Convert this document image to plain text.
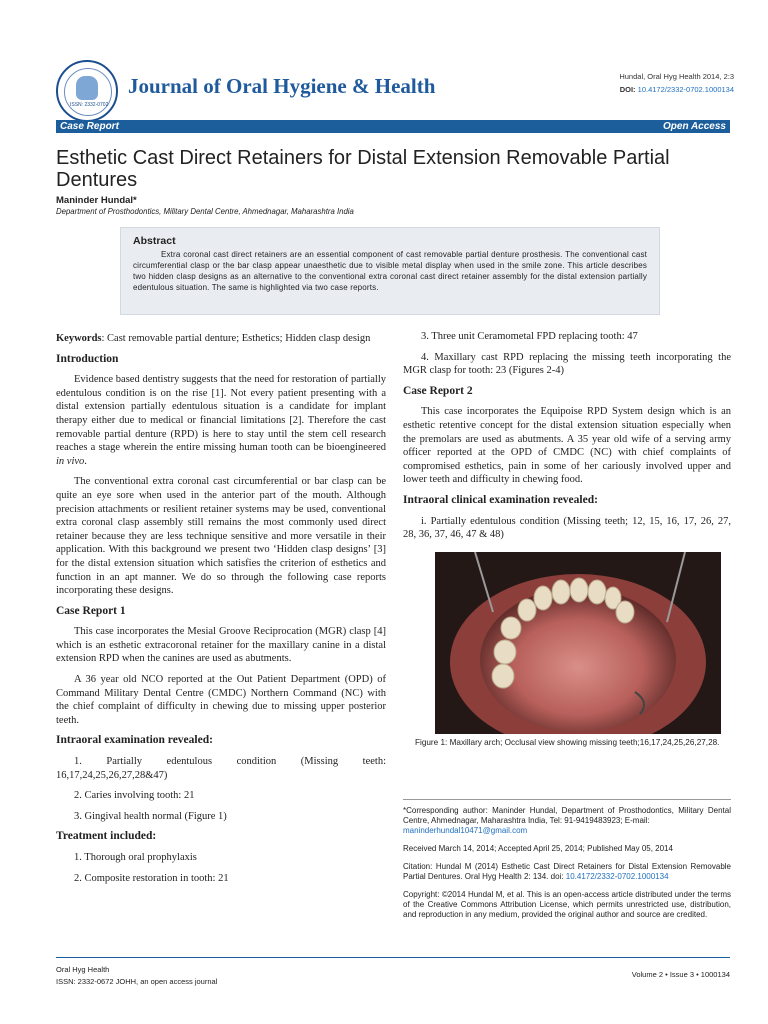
ISSN: 2332-0702
Journal of Oral Hygiene & Health	Hundal, Oral Hyg Health 2014, 2:3
DOI: 10.4172/2332-0702.1000134
Case Report	Open Access
Esthetic Cast Direct Retainers for Distal Extension Removable Partial Dentures
Maninder Hundal*
Department of Prosthodontics, Military Dental Centre, Ahmednagar, Maharashtra India
Abstract
Extra coronal cast direct retainers are an essential component of cast removable partial denture prosthesis. The conventional cast circumferential clasp or the bar clasp appear unaesthetic due to visible metal display when used in the smile zone. This article describes two hidden clasp designs as an alternative to the conventional extra coronal cast direct retainer assembly for the distal extension partially edentulous situation. The same is highlighted via two case reports.

Keywords: Cast removable partial denture; Esthetics; Hidden clasp design

Introduction

Evidence based dentistry suggests that the need for restoration of partially edentulous condition is on the rise [1]. Not every patient presenting with a distal extension partially edentulous situation is a candidate for implant therapy either due to medical or financial limitations [2]. Therefore the cast removable partial denture (RPD) is here to stay until the stem cell research reaches a stage wherein the entire missing human tooth can be bioengineered in vivo.

The conventional extra coronal cast circumferential or bar clasp can be quite an eye sore when used in the anterior part of the mouth. Although precision attachments or resilient retainer systems may be used, conventional extra coronal clasp assembly still remains the most commonly used direct retainer because they are less technique sensitive and more versatile in their application. With this background we present two ‘Hidden clasp designs’ [3] for the distal extension situation which satisfies the criterion of esthetics and function in an apt manner. We do so through the following case reports incorporating these designs.

Case Report 1

This case incorporates the Mesial Groove Reciprocation (MGR) clasp [4] which is an esthetic extracoronal retainer for the maxillary canine in a distal extension RPD when the canines are used as abutments.

A 36 year old NCO reported at the Out Patient Department (OPD) of Command Military Dental Centre (CMDC) Northern Command (NC) with the chief complaint of difficulty in chewing due to missing upper posterior teeth.

Intraoral examination revealed:

1. Partially edentulous condition (Missing teeth: 16,17,24,25,26,27,28&47)

2. Caries involving tooth: 21

3. Gingival health normal (Figure 1)

Treatment included:

1. Thorough oral prophylaxis

2. Composite restoration in tooth: 21

3. Three unit Ceramometal FPD replacing tooth: 47

4. Maxillary cast RPD replacing the missing teeth incorporating the MGR clasp for tooth: 23 (Figures 2-4)

Case Report 2

This case incorporates the Equipoise RPD System design which is an esthetic retentive concept for the distal extension situation especially when the premolars are used as abutments. A 35 year old wife of a serving army officer reported at the OPD of CMDC (NC) with chief complaints of compromised esthetics, pain in some of her cariously involved upper and lower teeth and difficulty in chewing food.

Intraoral clinical examination revealed:

i. Partially edentulous condition (Missing teeth; 12, 15, 16, 17, 26, 27, 28, 36, 37, 46, 47 & 48)

Figure 1: Maxillary arch; Occlusal view showing missing teeth;16,17,24,25,26,27,28.

*Corresponding author: Maninder Hundal, Department of Prosthodontics, Military Dental Centre, Ahmednagar, Maharashtra India, Tel: 91-9419483923; E-mail:
maninderhundal10471@gmail.com

Received March 14, 2014; Accepted April 25, 2014; Published May 05, 2014

Citation: Hundal M (2014) Esthetic Cast Direct Retainers for Distal Extension Removable Partial Dentures. Oral Hyg Health 2: 134. doi: 10.4172/2332-0702.1000134

Copyright: ©2014 Hundal M, et al. This is an open-access article distributed under the terms of the Creative Commons Attribution License, which permits unrestricted use, distribution, and reproduction in any medium, provided the original author and source are credited.

Oral Hyg Health
ISSN: 2332-0672 JOHH, an open access journal
Volume 2 • Issue 3 • 1000134
